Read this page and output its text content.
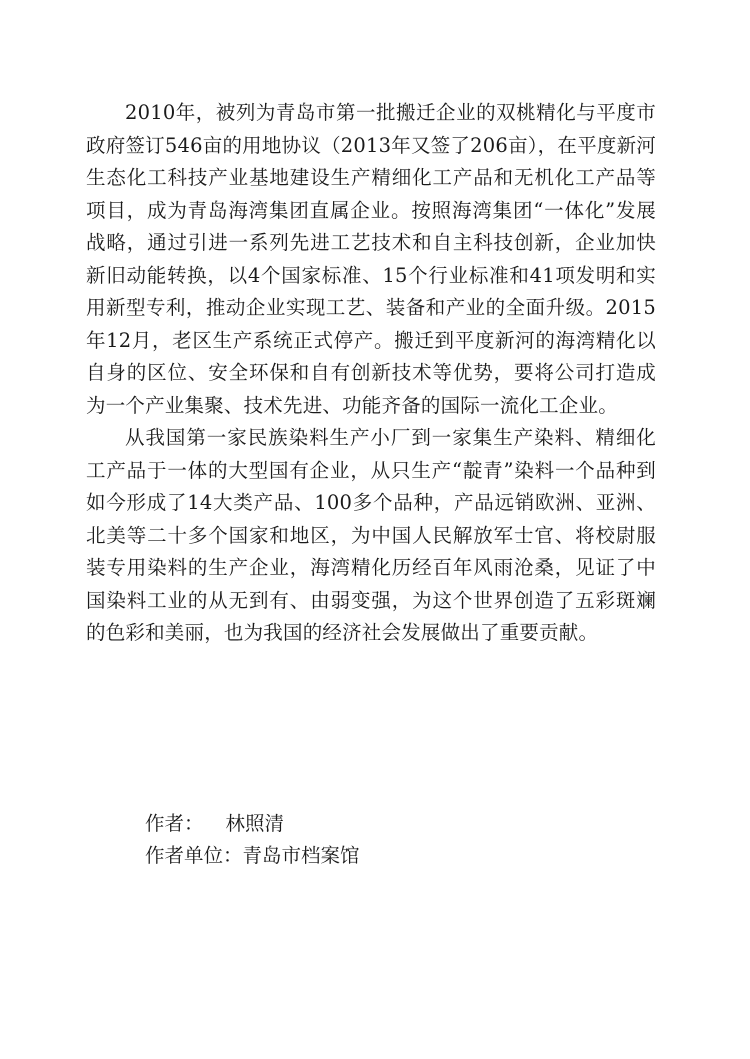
2010年，被列为青岛市第一批搬迁企业的双桃精化与平度市政府签订546亩的用地协议（2013年又签了206亩），在平度新河生态化工科技产业基地建设生产精细化工产品和无机化工产品等项目，成为青岛海湾集团直属企业。按照海湾集团“一体化”发展战略，通过引进一系列先进工艺技术和自主科技创新，企业加快新旧动能转换，以4个国家标准、15个行业标准和41项发明和实用新型专利，推动企业实现工艺、装备和产业的全面升级。2015年12月，老区生产系统正式停产。搬迁到平度新河的海湾精化以自身的区位、安全环保和自有创新技术等优势，要将公司打造成为一个产业集聚、技术先进、功能齐备的国际一流化工企业。

从我国第一家民族染料生产小厂到一家集生产染料、精细化工产品于一体的大型国有企业，从只生产“靛青”染料一个品种到如今形成了14大类产品、100多个品种，产品远销欧洲、亚洲、北美等二十多个国家和地区，为中国人民解放军士官、将校尉服装专用染料的生产企业，海湾精化历经百年风雨沧桑，见证了中国染料工业的从无到有、由弱变强，为这个世界创造了五彩斑斓的色彩和美丽，也为我国的经济社会发展做出了重要贡献。

作者： 林照清

作者单位：青岛市档案馆
